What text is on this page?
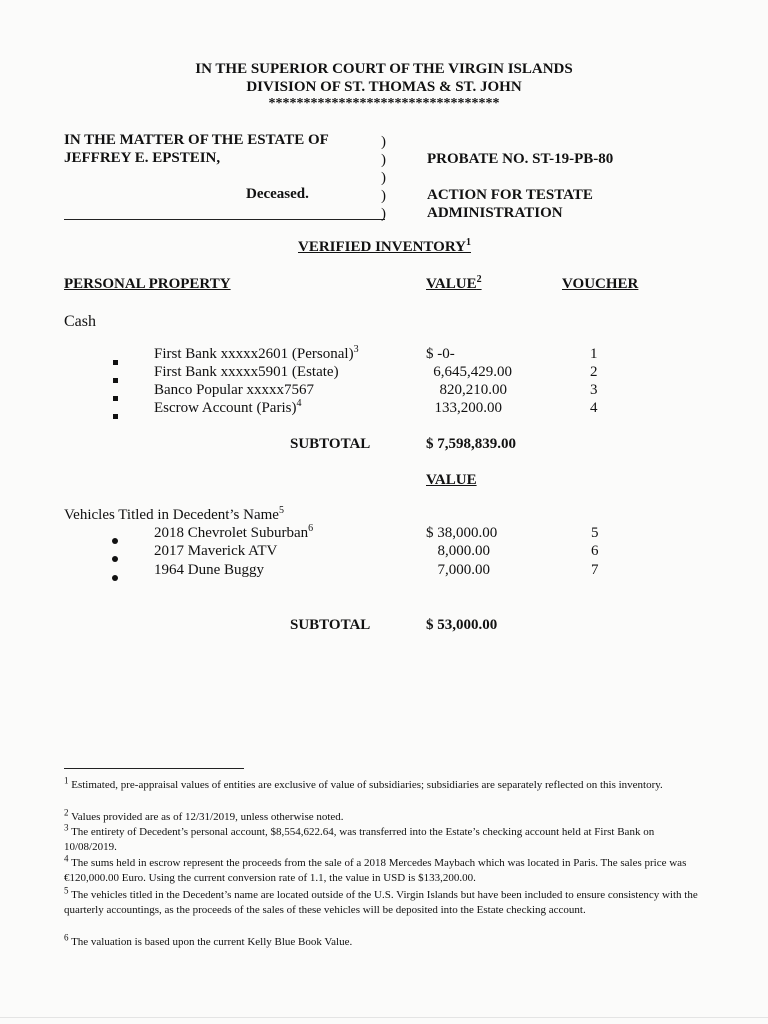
IN THE SUPERIOR COURT OF THE VIRGIN ISLANDS
DIVISION OF ST. THOMAS & ST. JOHN
*********************************
IN THE MATTER OF THE ESTATE OF
JEFFREY E. EPSTEIN,
Deceased.
)
)
)
)
)
PROBATE NO. ST-19-PB-80
ACTION FOR TESTATE
ADMINISTRATION
VERIFIED INVENTORY$^1$
PERSONAL PROPERTY	VALUE$^2$	VOUCHER
Cash
First Bank xxxxx2601 (Personal)$^3$	$ -0-	1
First Bank xxxxx5901 (Estate)	6,645,429.00	2
Banco Popular xxxxx7567	820,210.00	3
Escrow Account (Paris)$^4$	133,200.00	4
SUBTOTAL	$ 7,598,839.00
VALUE
Vehicles Titled in Decedent’s Name$^5$
2018 Chevrolet Suburban$^6$	$ 38,000.00	5
2017 Maverick ATV	8,000.00	6
1964 Dune Buggy	7,000.00	7
SUBTOTAL	$ 53,000.00
$^1$ Estimated, pre-appraisal values of entities are exclusive of value of subsidiaries; subsidiaries are separately reflected on this inventory.
$^2$ Values provided are as of 12/31/2019, unless otherwise noted.
$^3$ The entirety of Decedent’s personal account, $8,554,622.64, was transferred into the Estate’s checking account held at First Bank on 10/08/2019.
$^4$ The sums held in escrow represent the proceeds from the sale of a 2018 Mercedes Maybach which was located in Paris. The sales price was €120,000.00 Euro. Using the current conversion rate of 1.1, the value in USD is $133,200.00.
$^5$ The vehicles titled in the Decedent’s name are located outside of the U.S. Virgin Islands but have been included to ensure consistency with the quarterly accountings, as the proceeds of the sales of these vehicles will be deposited into the Estate checking account.
$^6$ The valuation is based upon the current Kelly Blue Book Value.
